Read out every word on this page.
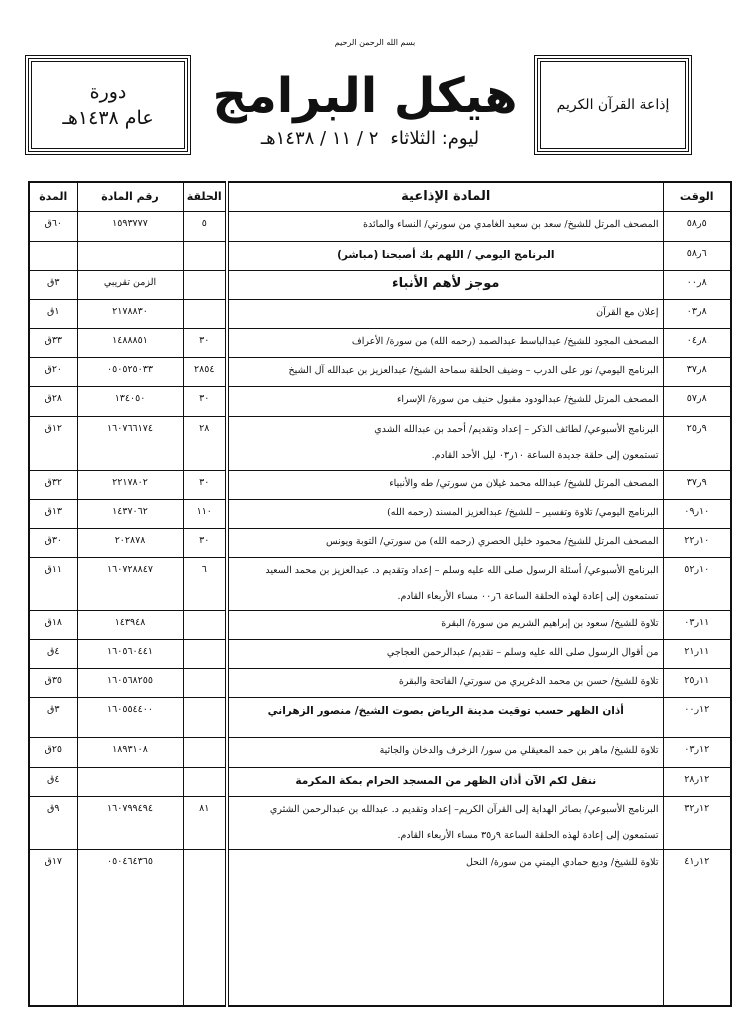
بسم الله الرحمن الرحيم
دورة
عام ١٤٣٨هـ هيكل البرامج
ليوم: الثلاثاء٢ / ١١ / ١٤٣٨هـ
إذاعة القرآن الكريم
الوقت	المادة الإذاعية	الحلقة	رقم المادة	المدة
٥ر٥٨	المصحف المرتل للشيخ/ سعد بن سعيد الغامدي من سورتي/ النساء والمائدة	٥	١٥٩٣٧٧٧	٦٠ق
٦ر٥٨	البرنامج اليومي / اللهم بك أصبحنا (مباشر)			

٨ر٠٠	موجز لأهم الأنباء		الزمن تقريبي	٣ق
٨ر٠٣	إعلان مع القرآن		٢١٧٨٨٣٠	١ق
٨ر٠٤	المصحف المجود للشيخ/ عبدالباسط عبدالصمد (رحمه الله) من سورة/ الأعراف	٣٠	١٤٨٨٨٥١	٣٣ق
٨ر٣٧	البرنامج اليومي/ نور على الدرب – وضيف الحلقة سماحة الشيخ/ عبدالعزيز بن عبدالله آل الشيخ	٢٨٥٤	٠٥٠٥٢٥٠٣٣	٢٠ق
٨ر٥٧	المصحف المرتل للشيخ/ عبدالودود مقبول حنيف من سورة/ الإسراء	٣٠	١٣٤٠٥٠	٢٨ق
٩ر٢٥	البرنامج الأسبوعي/ لطائف الذكر – إعداد وتقديم/ أحمد بن عبدالله الشدي
تستمعون إلى حلقة جديدة الساعة ١٠ر٠٣ ليل الأحد القادم.	٢٨	١٦٠٧٦٦١٧٤	١٢ق
٩ر٣٧	المصحف المرتل للشيخ/ عبدالله محمد غيلان من سورتي/ طه والأنبياء	٣٠	٢٢١٧٨٠٢	٣٢ق
١٠ر٠٩	البرنامج اليومي/ تلاوة وتفسير – للشيخ/ عبدالعزيز المسند (رحمه الله)	١١٠	١٤٣٧٠٦٢	١٣ق
١٠ر٢٢	المصحف المرتل للشيخ/ محمود خليل الحصري (رحمه الله) من سورتي/ التوبة ويونس	٣٠	٢٠٢٨٧٨	٣٠ق
١٠ر٥٢	البرنامج الأسبوعي/ أسئلة الرسول صلى الله عليه وسلم – إعداد وتقديم د. عبدالعزيز بن محمد السعيد
تستمعون إلى إعادة لهذه الحلقة الساعة ٦ر٠٠ مساء الأربعاء القادم.	٦	١٦٠٧٢٨٨٤٧	١١ق
١١ر٠٣	تلاوة للشيخ/ سعود بن إبراهيم الشريم من سورة/ البقرة		١٤٣٩٤٨	١٨ق
١١ر٢١	من أقوال الرسول صلى الله عليه وسلم – تقديم/ عبدالرحمن العجاجي		١٦٠٥٦٠٤٤١	٤ق
١١ر٢٥	تلاوة للشيخ/ حسن بن محمد الدغريري من سورتي/ الفاتحة والبقرة		١٦٠٥٦٨٢٥٥	٣٥ق
١٢ر٠٠	أذان الظهر حسب توقيت مدينة الرياض بصوت الشيخ/ منصور الزهراني		١٦٠٥٥٤٤٠٠	٣ق
١٢ر٠٣	تلاوة للشيخ/ ماهر بن حمد المعيقلي من سور/ الزخرف والدخان والجاثية		١٨٩٣١٠٨	٢٥ق
١٢ر٢٨	ننقل لكم الآن أذان الظهر من المسجد الحرام بمكة المكرمة			٤ق
١٢ر٣٢	البرنامج الأسبوعي/ بصائر الهداية إلى القرآن الكريم– إعداد وتقديم د. عبدالله بن عبدالرحمن الشثري
تستمعون إلى إعادة لهذه الحلقة الساعة ٩ر٣٥ مساء الأربعاء القادم.	٨١	١٦٠٧٩٩٤٩٤	٩ق
١٢ر٤١	تلاوة للشيخ/ وديع حمادي اليمني من سورة/ النحل		٠٥٠٤٦٤٣٦٥	١٧ق
